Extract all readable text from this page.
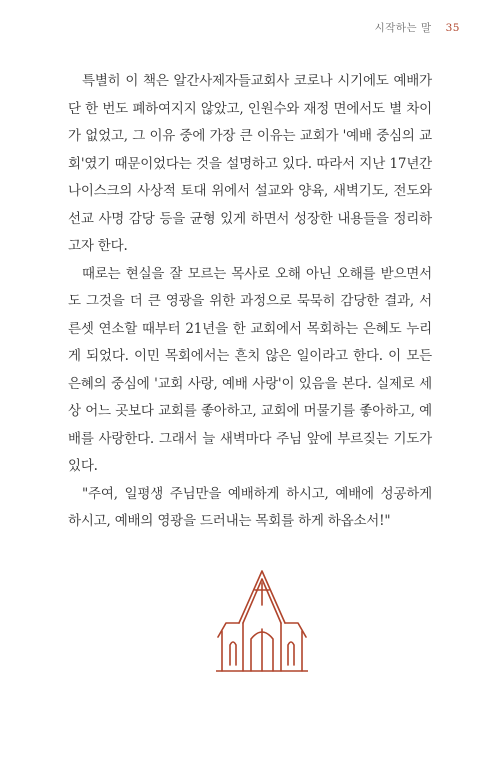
시작하는 말 35

특별히 이 책은 알간사제자들교회사 코로나 시기에도 예배가 단 한 번도 폐하여지지 않았고, 인원수와 재정 면에서도 별 차이가 없었고, 그 이유 중에 가장 큰 이유는 교회가 '예배 중심의 교회'였기 때문이었다는 것을 설명하고 있다. 따라서 지난 17년간 나이스크의 사상적 토대 위에서 설교와 양육, 새벽기도, 전도와 선교 사명 감당 등을 균형 있게 하면서 성장한 내용들을 정리하고자 한다.

때로는 현실을 잘 모르는 목사로 오해 아닌 오해를 받으면서도 그것을 더 큰 영광을 위한 과정으로 묵묵히 감당한 결과, 서른셋 연소할 때부터 21년을 한 교회에서 목회하는 은혜도 누리게 되었다. 이민 목회에서는 흔치 않은 일이라고 한다. 이 모든 은혜의 중심에 '교회 사랑, 예배 사랑'이 있음을 본다. 실제로 세상 어느 곳보다 교회를 좋아하고, 교회에 머물기를 좋아하고, 예배를 사랑한다. 그래서 늘 새벽마다 주님 앞에 부르짖는 기도가 있다.

"주여, 일평생 주님만을 예배하게 하시고, 예배에 성공하게 하시고, 예배의 영광을 드러내는 목회를 하게 하옵소서!"
